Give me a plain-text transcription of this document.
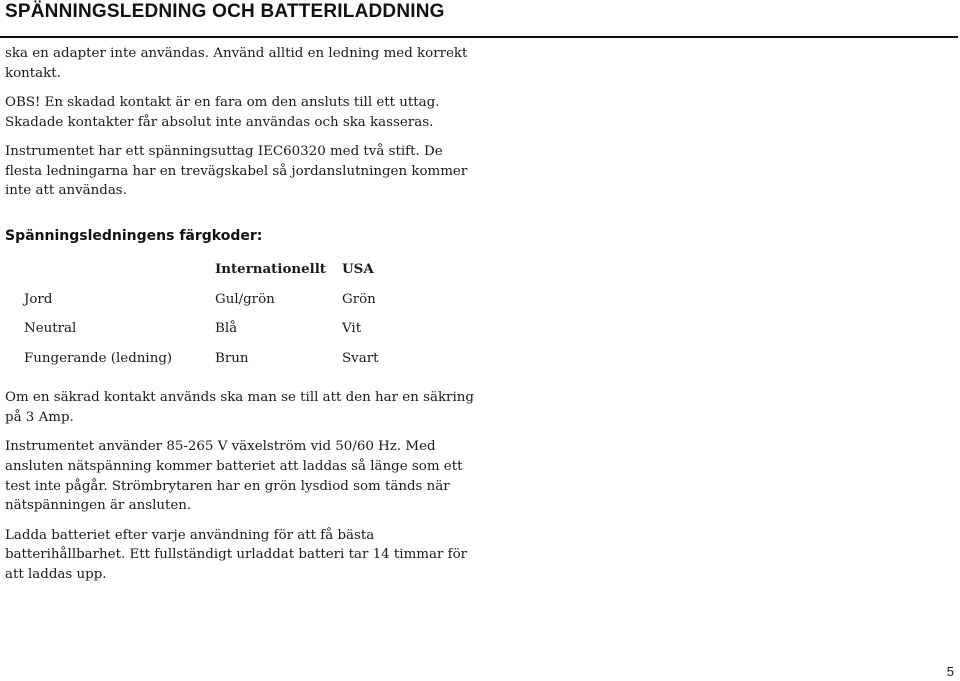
SPÄNNINGSLEDNING OCH BATTERILADDNING

ska en adapter inte användas. Använd alltid en ledning med korrekt kontakt.

OBS! En skadad kontakt är en fara om den ansluts till ett uttag. Skadade kontakter får absolut inte användas och ska kasseras.

Instrumentet har ett spänningsuttag IEC60320 med två stift. De flesta ledningarna har en trevägskabel så jordanslutningen kommer inte att användas.

Spänningsledningens färgkoder:
	Internationellt	USA
Jord	Gul/grön	Grön
Neutral	Blå	Vit
Fungerande (ledning)	Brun	Svart

Om en säkrad kontakt används ska man se till att den har en säkring på 3 Amp.

Instrumentet använder 85-265 V växelström vid 50/60 Hz. Med ansluten nätspänning kommer batteriet att laddas så länge som ett test inte pågår. Strömbrytaren har en grön lysdiod som tänds när nätspänningen är ansluten.

Ladda batteriet efter varje användning för att få bästa batterihållbarhet. Ett fullständigt urladdat batteri tar 14 timmar för att laddas upp.

5
